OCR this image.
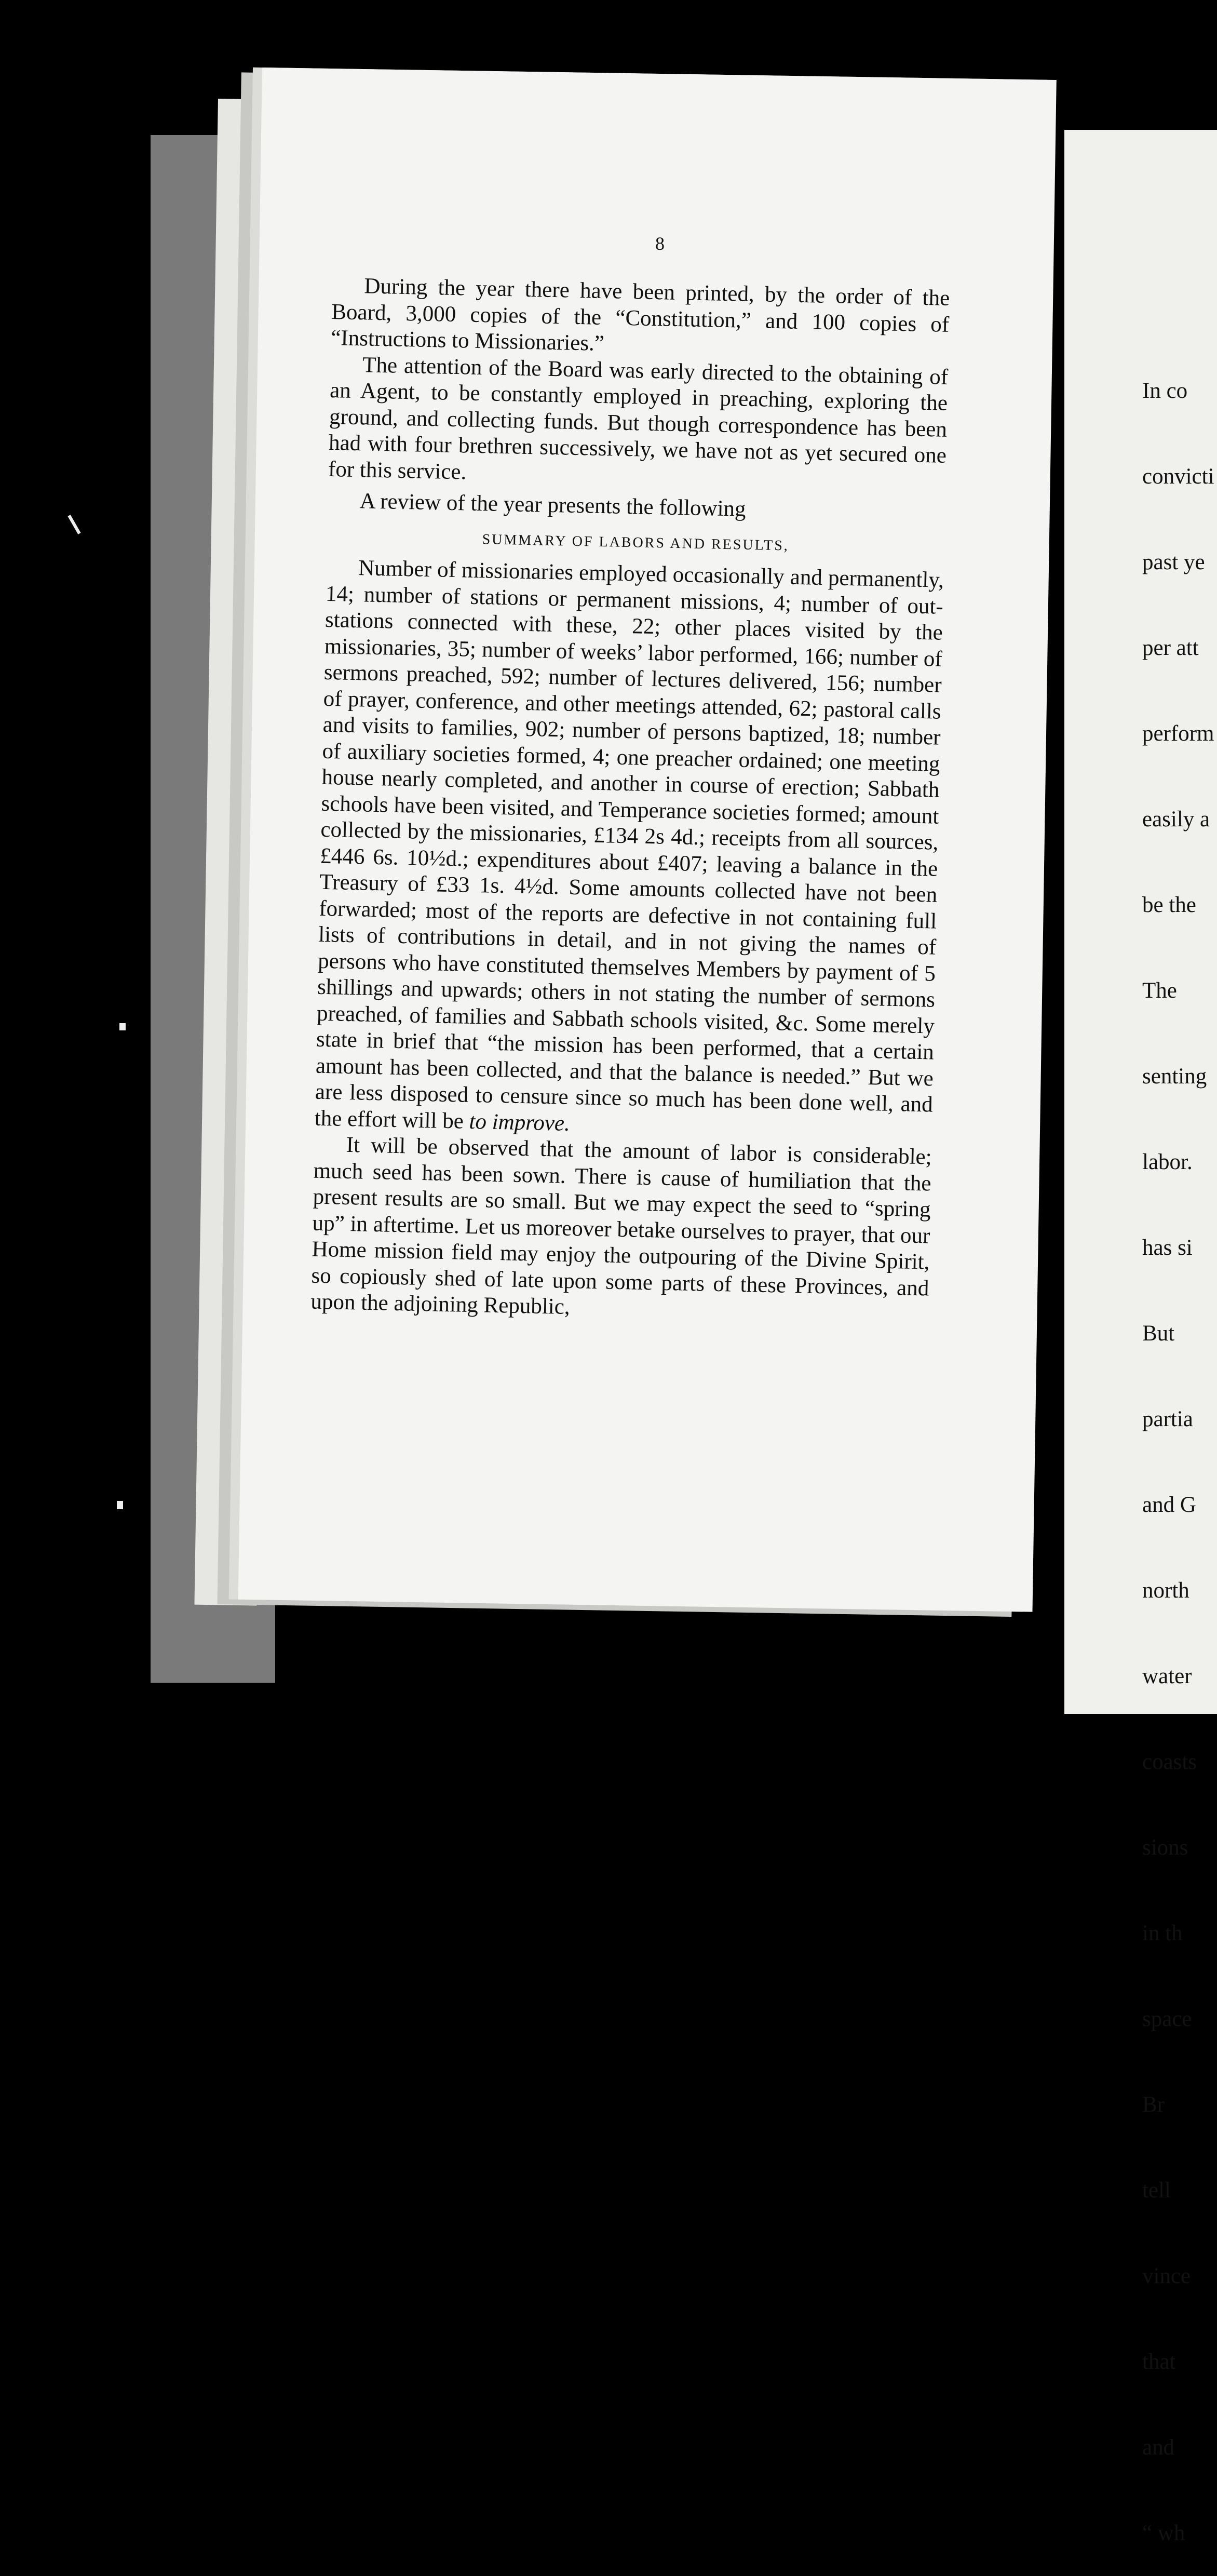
8

During the year there have been printed, by the order of the Board, 3,000 copies of the “Constitution,” and 100 copies of “Instructions to Missionaries.”

The attention of the Board was early directed to the obtaining of an Agent, to be constantly employed in preaching, exploring the ground, and collecting funds. But though correspondence has been had with four brethren successively, we have not as yet secured one for this service.

A review of the year presents the following

SUMMARY OF LABORS AND RESULTS,

Number of missionaries employed occasionally and permanently, 14; number of stations or permanent missions, 4; number of out-stations connected with these, 22; other places visited by the missionaries, 35; number of weeks’ labor performed, 166; number of sermons preached, 592; number of lectures delivered, 156; number of prayer, conference, and other meetings attended, 62; pastoral calls and visits to families, 902; number of persons baptized, 18; number of auxiliary societies formed, 4; one preacher ordained; one meeting house nearly completed, and another in course of erection; Sabbath schools have been visited, and Temperance societies formed; amount collected by the missionaries, £134 2s 4d.; receipts from all sources, £446 6s. 10½d.; expenditures about £407; leaving a balance in the Treasury of £33 1s. 4½d. Some amounts collected have not been forwarded; most of the reports are defective in not containing full lists of contributions in detail, and in not giving the names of persons who have constituted themselves Members by payment of 5 shillings and upwards; others in not stating the number of sermons preached, of families and Sabbath schools visited, &c. Some merely state in brief that “the mission has been performed, that a certain amount has been collected, and that the balance is needed.” But we are less disposed to censure since so much has been done well, and the effort will be to improve.

It will be observed that the amount of labor is considerable; much seed has been sown. There is cause of humiliation that the present results are so small. But we may expect the seed to “spring up” in aftertime. Let us moreover betake ourselves to prayer, that our Home mission field may enjoy the outpouring of the Divine Spirit, so copiously shed of late upon some parts of these Provinces, and upon the adjoining Republic,

In co

convicti

past ye

per att

perform

easily a

be the

The

senting

labor.

has si

But

partia

and G

north

water

coasts

sions

in th

space

Br

tell

vince

that

and

“ wh
